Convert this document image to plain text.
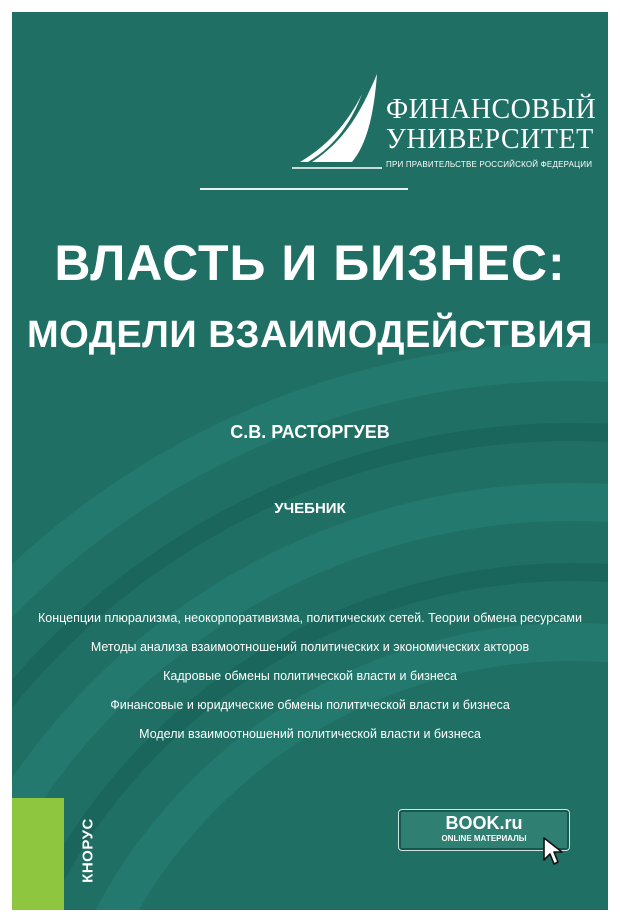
1919
ФИНАНСОВЫЙ
УНИВЕРСИТЕТ
ПРИ ПРАВИТЕЛЬСТВЕ РОССИЙСКОЙ ФЕДЕРАЦИИ
ВЛАСТЬ И БИЗНЕС:
МОДЕЛИ ВЗАИМОДЕЙСТВИЯ
С.В. РАСТОРГУЕВ
УЧЕБНИК
Концепции плюрализма, неокорпоративизма, политических сетей. Теории обмена ресурсами
Методы анализа взаимоотношений политических и экономических акторов
Кадровые обмены политической власти и бизнеса
Финансовые и юридические обмены политической власти и бизнеса
Модели взаимоотношений политической власти и бизнеса
КНОРУС	BOOK.ru
ONLINE МАТЕРИАЛЫ
